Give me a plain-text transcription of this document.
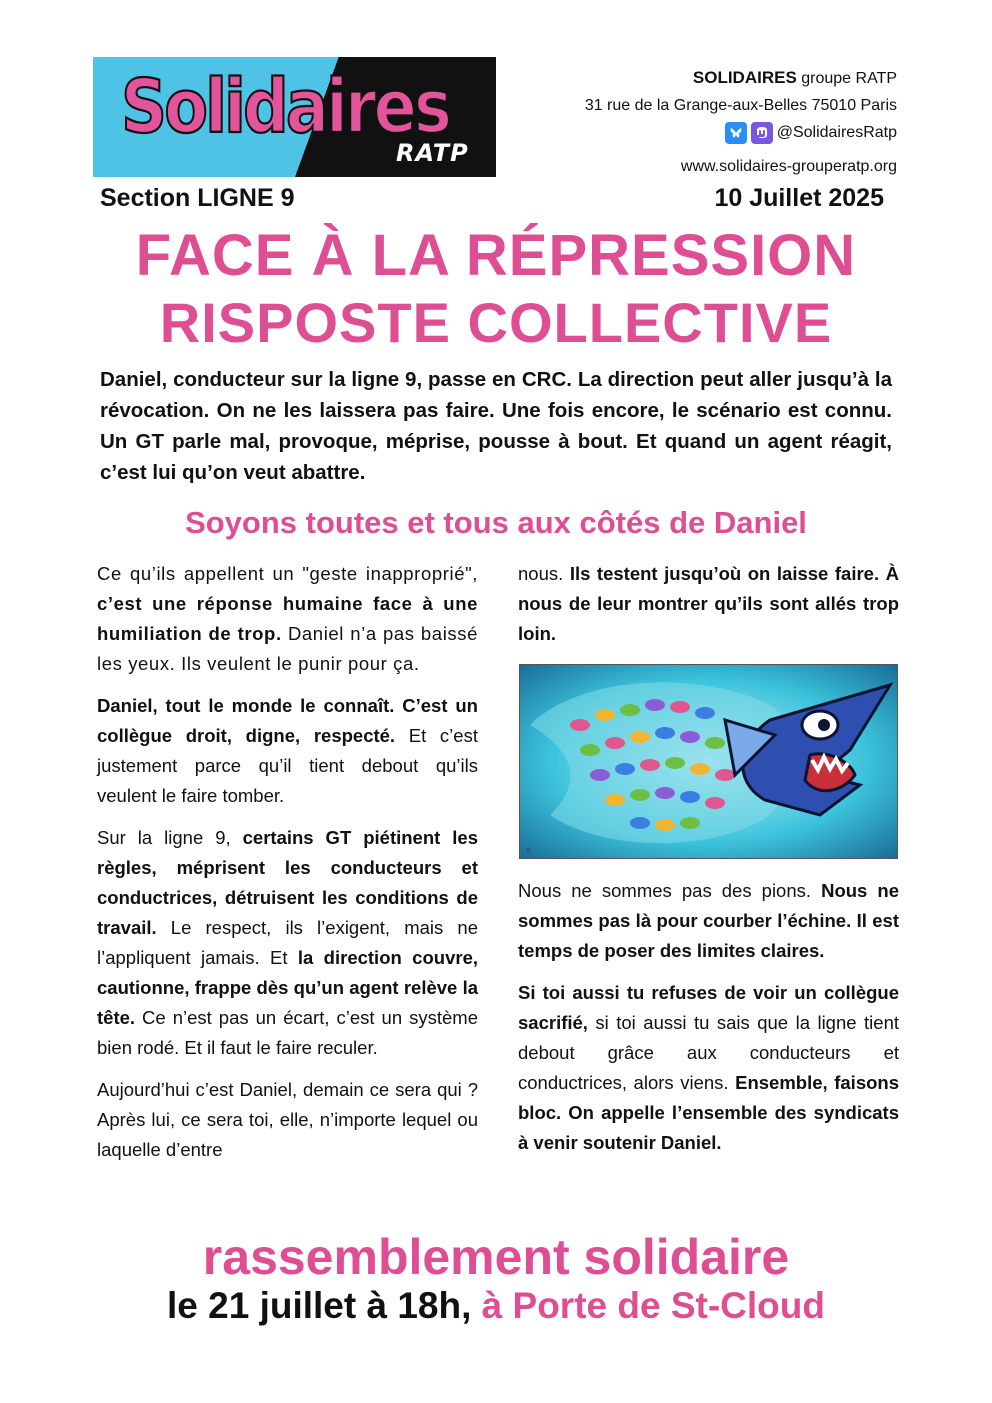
Solidaires
RATP
SOLIDAIRES groupe RATP
31 rue de la Grange-aux-Belles 75010 Paris
@SolidairesRatp
www.solidaires-grouperatp.org
Section LIGNE 9	10 Juillet 2025
FACE À LA RÉPRESSION
RISPOSTE COLLECTIVE
Daniel, conducteur sur la ligne 9, passe en CRC. La direction peut aller jusqu’à la révocation. On ne les laissera pas faire. Une fois encore, le scénario est connu. Un GT parle mal, provoque, méprise, pousse à bout. Et quand un agent réagit, c’est lui qu’on veut abattre.
Soyons toutes et tous aux côtés de Daniel

Ce qu’ils appellent un "geste inapproprié", c’est une réponse humaine face à une humiliation de trop. Daniel n’a pas baissé les yeux. Ils veulent le punir pour ça.

Daniel, tout le monde le connaît. C’est un collègue droit, digne, respecté. Et c’est justement parce qu’il tient debout qu’ils veulent le faire tomber.

Sur la ligne 9, certains GT piétinent les règles, méprisent les conducteurs et conductrices, détruisent les conditions de travail. Le respect, ils l’exigent, mais ne l’appliquent jamais. Et la direction couvre, cautionne, frappe dès qu’un agent relève la tête. Ce n’est pas un écart, c’est un système bien rodé. Et il faut le faire reculer.

Aujourd’hui c’est Daniel, demain ce sera qui ? Après lui, ce sera toi, elle, n’importe lequel ou laquelle d’entre

nous. Ils testent jusqu’où on laisse faire. À nous de leur montrer qu’ils sont allés trop loin.

©

Nous ne sommes pas des pions. Nous ne sommes pas là pour courber l’échine. Il est temps de poser des limites claires.

Si toi aussi tu refuses de voir un collègue sacrifié, si toi aussi tu sais que la ligne tient debout grâce aux conducteurs et conductrices, alors viens. Ensemble, faisons bloc. On appelle l’ensemble des syndicats à venir soutenir Daniel.

rassemblement solidaire
le 21 juillet à 18h, à Porte de St-Cloud
